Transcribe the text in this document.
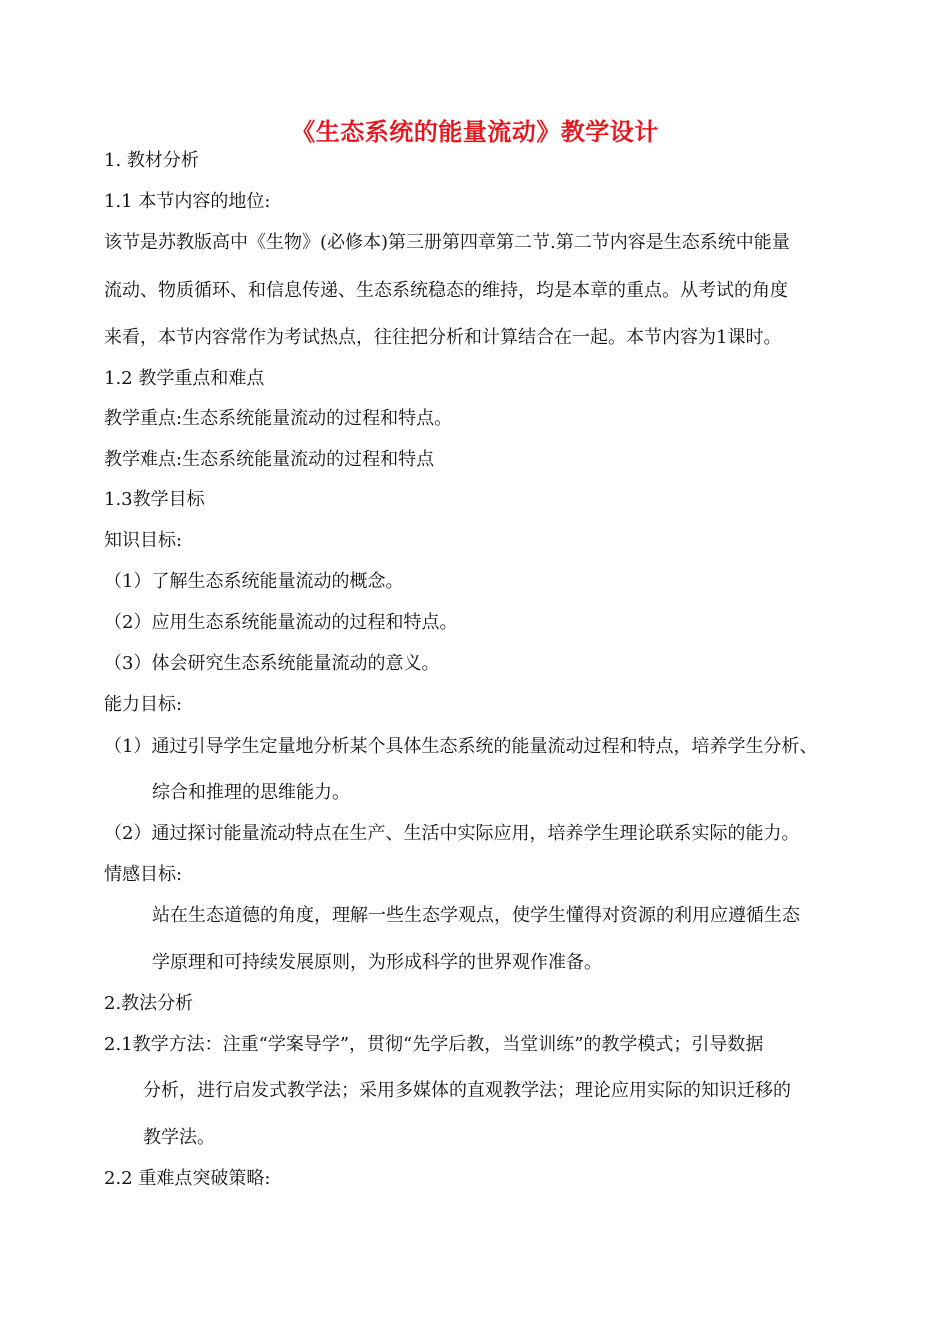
《生态系统的能量流动》教学设计
1. 教材分析
1.1 本节内容的地位:
该节是苏教版高中《生物》(必修本)第三册第四章第二节.第二节内容是生态系统中能量
流动、物质循环、和信息传递、生态系统稳态的维持，均是本章的重点。从考试的角度
来看，本节内容常作为考试热点，往往把分析和计算结合在一起。本节内容为1课时。
1.2 教学重点和难点
教学重点:生态系统能量流动的过程和特点。
教学难点:生态系统能量流动的过程和特点
1.3教学目标
知识目标:
（1）了解生态系统能量流动的概念。
（2）应用生态系统能量流动的过程和特点。
（3）体会研究生态系统能量流动的意义。
能力目标:
（1）通过引导学生定量地分析某个具体生态系统的能量流动过程和特点，培养学生分析、
综合和推理的思维能力。
（2）通过探讨能量流动特点在生产、生活中实际应用，培养学生理论联系实际的能力。
情感目标:
站在生态道德的角度，理解一些生态学观点，使学生懂得对资源的利用应遵循生态
学原理和可持续发展原则，为形成科学的世界观作准备。
2.教法分析
2.1教学方法：注重“学案导学”，贯彻“先学后教，当堂训练”的教学模式；引导数据
分析，进行启发式教学法；采用多媒体的直观教学法；理论应用实际的知识迁移的
教学法。
2.2 重难点突破策略:
